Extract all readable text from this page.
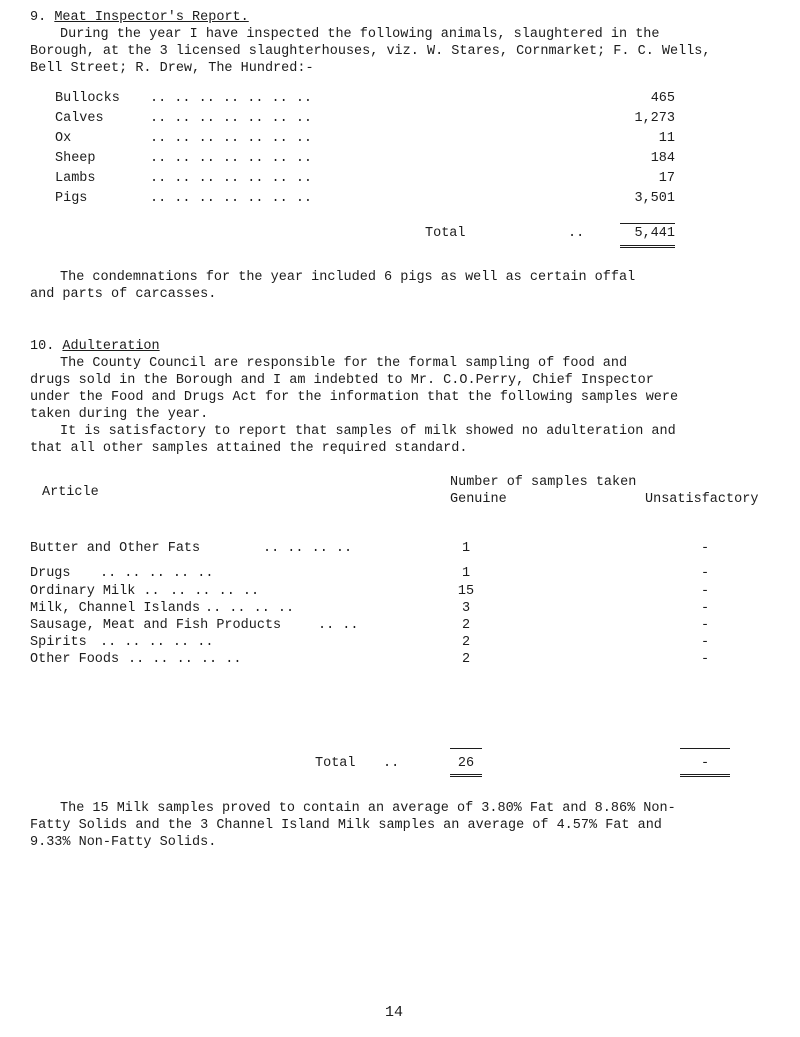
9. Meat Inspector's Report.
During the year I have inspected the following animals, slaughtered in the
Borough, at the 3 licensed slaughterhouses, viz. W. Stares, Cornmarket; F. C. Wells,
Bell Street; R. Drew, The Hundred:-
Bullocks .. .. .. .. .. .. ..	465
Calves	.. .. .. .. .. .. ..	1,273
Ox	.. .. .. .. .. .. ..	11
Sheep	.. .. .. .. .. .. ..	184
Lambs	.. .. .. .. .. .. ..	17
Pigs	.. .. .. .. .. .. ..	3,501
Total	..	5,441
The condemnations for the year included 6 pigs as well as certain offal
and parts of carcasses.
10. Adulteration
The County Council are responsible for the formal sampling of food and
drugs sold in the Borough and I am indebted to Mr. C.O.Perry, Chief Inspector
under the Food and Drugs Act for the information that the following samples were
taken during the year.
It is satisfactory to report that samples of milk showed no adulteration and
that all other samples attained the required standard.
Article
Number of samples taken
Genuine	Unsatisfactory
Butter and Other Fats	.. .. .. ..	1	-
Drugs .. .. .. .. ..	1	-
Ordinary Milk .. .. .. .. ..	15	-
Milk, Channel Islands .. .. .. ..	3	-
Sausage, Meat and Fish Products	.. ..	2	-
Spirits .. .. .. .. ..	2	-
Other Foods .. .. .. .. ..	2	-
Total ..	26	-
The 15 Milk samples proved to contain an average of 3.80% Fat and 8.86% Non-
Fatty Solids and the 3 Channel Island Milk samples an average of 4.57% Fat and
9.33% Non-Fatty Solids.
14
